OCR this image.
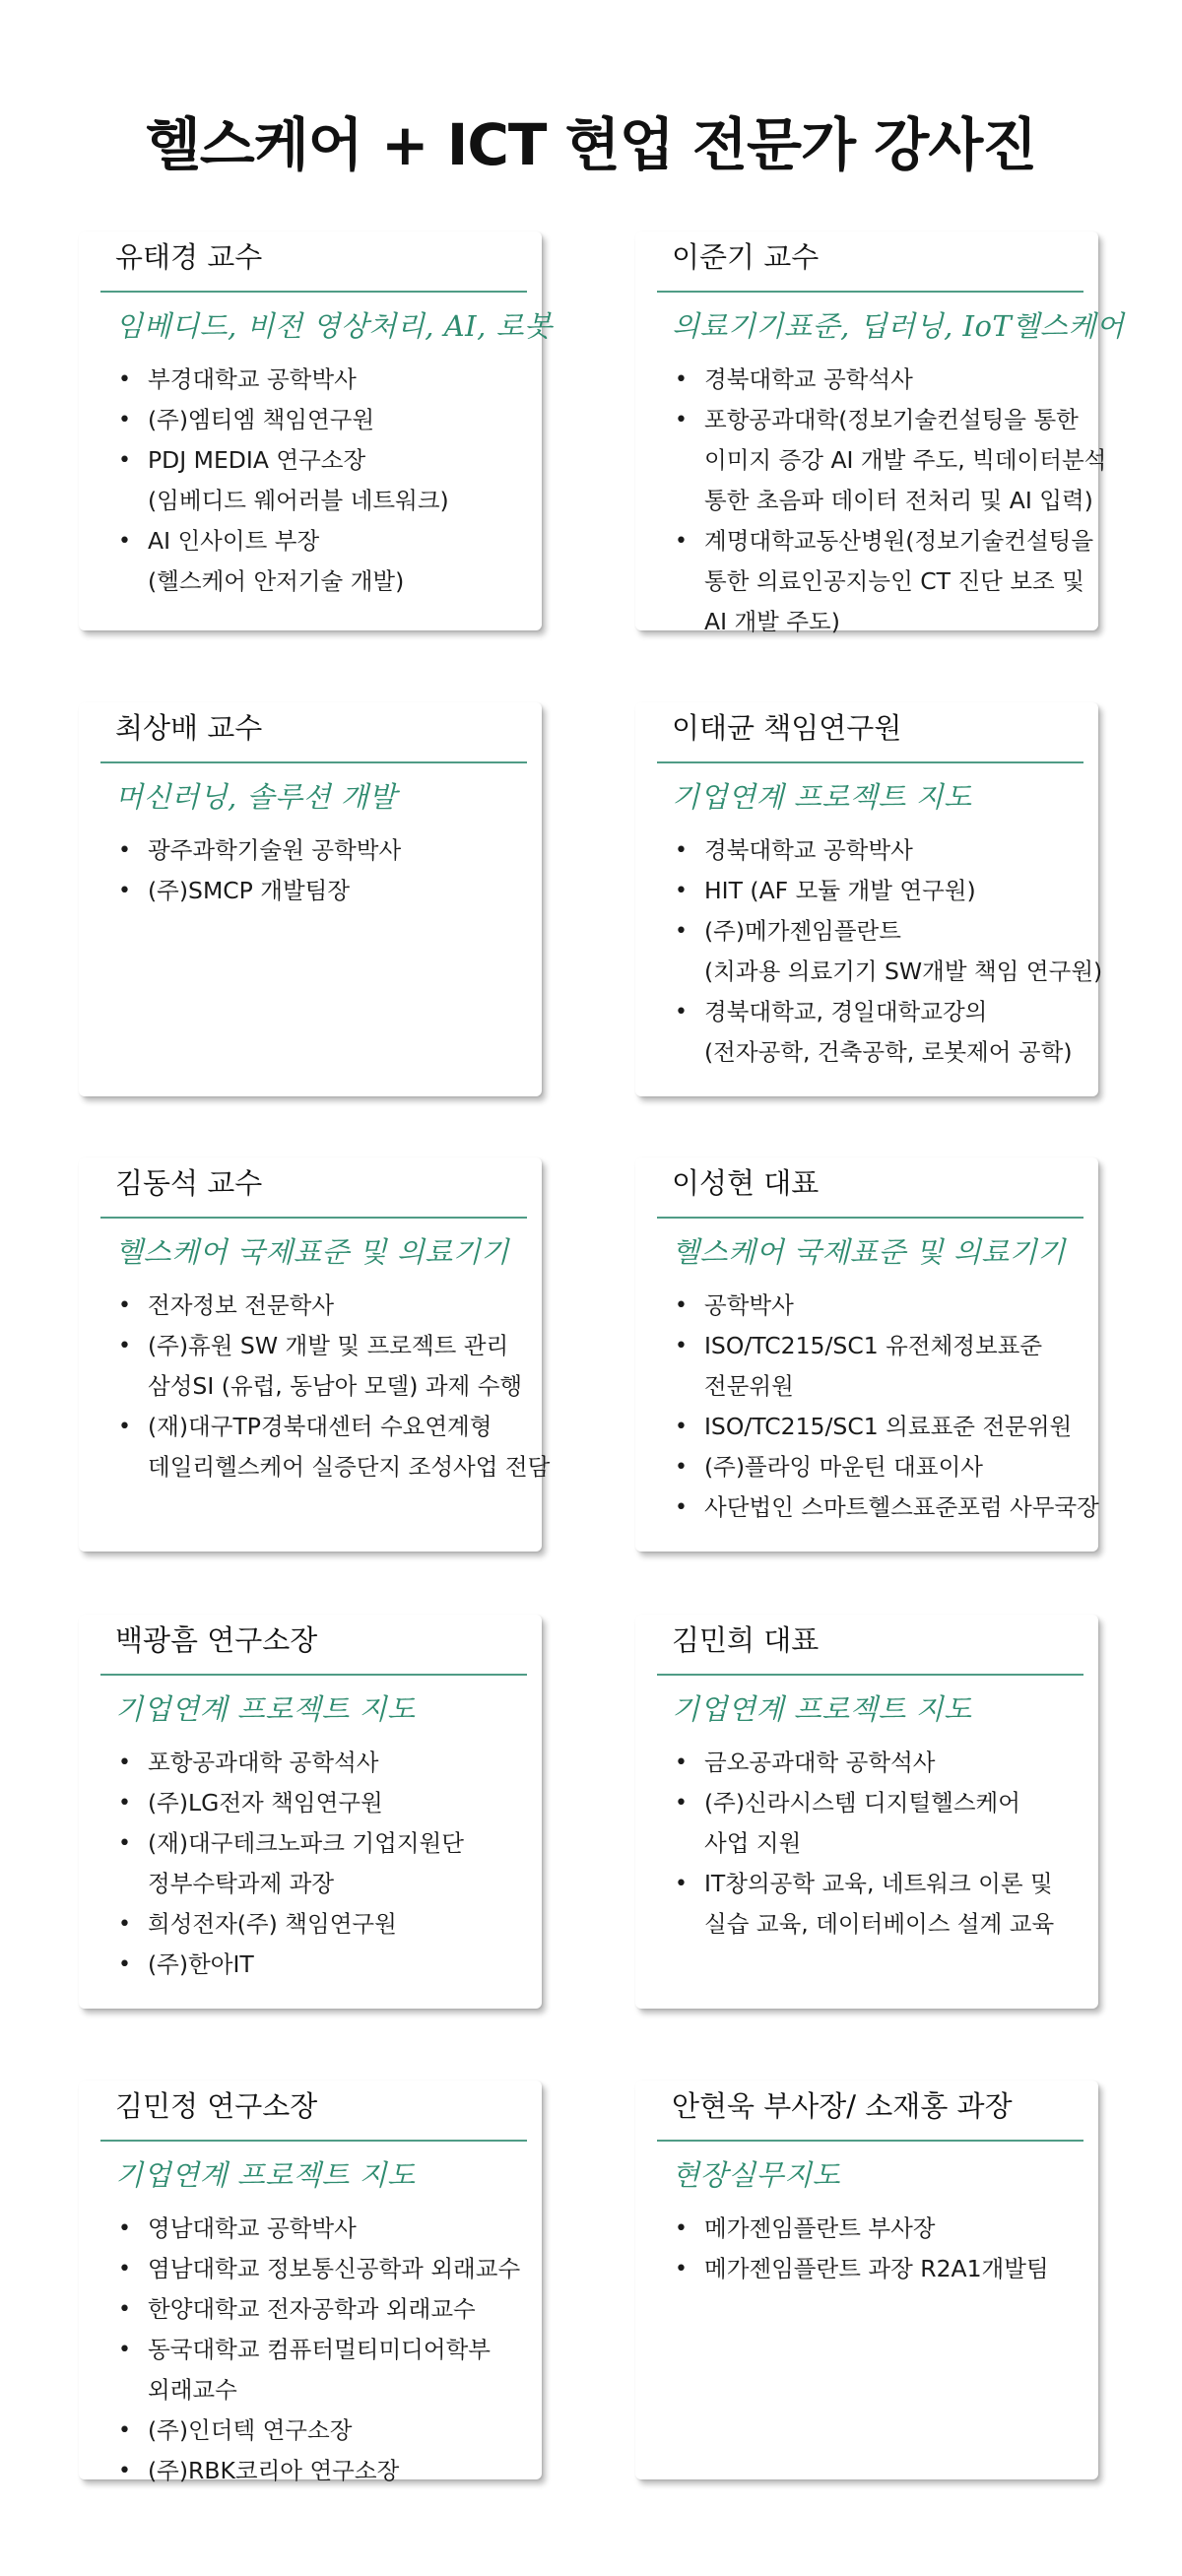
헬스케어 + ICT 현업 전문가 강사진
유태경 교수
임베디드, 비전 영상처리, AI, 로봇
• 부경대학교 공학박사
• (주)엠티엠 책임연구원
• PDJ MEDIA 연구소장
(임베디드 웨어러블 네트워크)
• AI 인사이트 부장
(헬스케어 안저기술 개발)
이준기 교수
의료기기표준, 딥러닝, IoT헬스케어
• 경북대학교 공학석사
• 포항공과대학(정보기술컨설팅을 통한
이미지 증강 AI 개발 주도, 빅데이터분석
통한 초음파 데이터 전처리 및 AI 입력)
• 계명대학교동산병원(정보기술컨설팅을
통한 의료인공지능인 CT 진단 보조 및
AI 개발 주도)
최상배 교수
머신러닝, 솔루션 개발
• 광주과학기술원 공학박사
• (주)SMCP 개발팀장
이태균 책임연구원
기업연계 프로젝트 지도
• 경북대학교 공학박사
• HIT (AF 모듈 개발 연구원)
• (주)메가젠임플란트
(치과용 의료기기 SW개발 책임 연구원)
• 경북대학교, 경일대학교강의
(전자공학, 건축공학, 로봇제어 공학)
김동석 교수
헬스케어 국제표준 및 의료기기
• 전자정보 전문학사
• (주)휴원 SW 개발 및 프로젝트 관리
삼성SI (유럽, 동남아 모델) 과제 수행
• (재)대구TP경북대센터 수요연계형
데일리헬스케어 실증단지 조성사업 전담
이성현 대표
헬스케어 국제표준 및 의료기기
• 공학박사
• ISO/TC215/SC1 유전체정보표준
전문위원
• ISO/TC215/SC1 의료표준 전문위원
• (주)플라잉 마운틴 대표이사
• 사단법인 스마트헬스표준포럼 사무국장
백광흠 연구소장
기업연계 프로젝트 지도
• 포항공과대학 공학석사
• (주)LG전자 책임연구원
• (재)대구테크노파크 기업지원단
정부수탁과제 과장
• 희성전자(주) 책임연구원
• (주)한아IT
김민희 대표
기업연계 프로젝트 지도
• 금오공과대학 공학석사
• (주)신라시스템 디지털헬스케어
사업 지원
• IT창의공학 교육, 네트워크 이론 및
실습 교육, 데이터베이스 설계 교육
김민정 연구소장
기업연계 프로젝트 지도
• 영남대학교 공학박사
• 염남대학교 정보통신공학과 외래교수
• 한양대학교 전자공학과 외래교수
• 동국대학교 컴퓨터멀티미디어학부
외래교수
• (주)인더텍 연구소장
• (주)RBK코리아 연구소장
안현욱 부사장/ 소재홍 과장
현장실무지도
• 메가젠임플란트 부사장
• 메가젠임플란트 과장 R2A1개발팀
